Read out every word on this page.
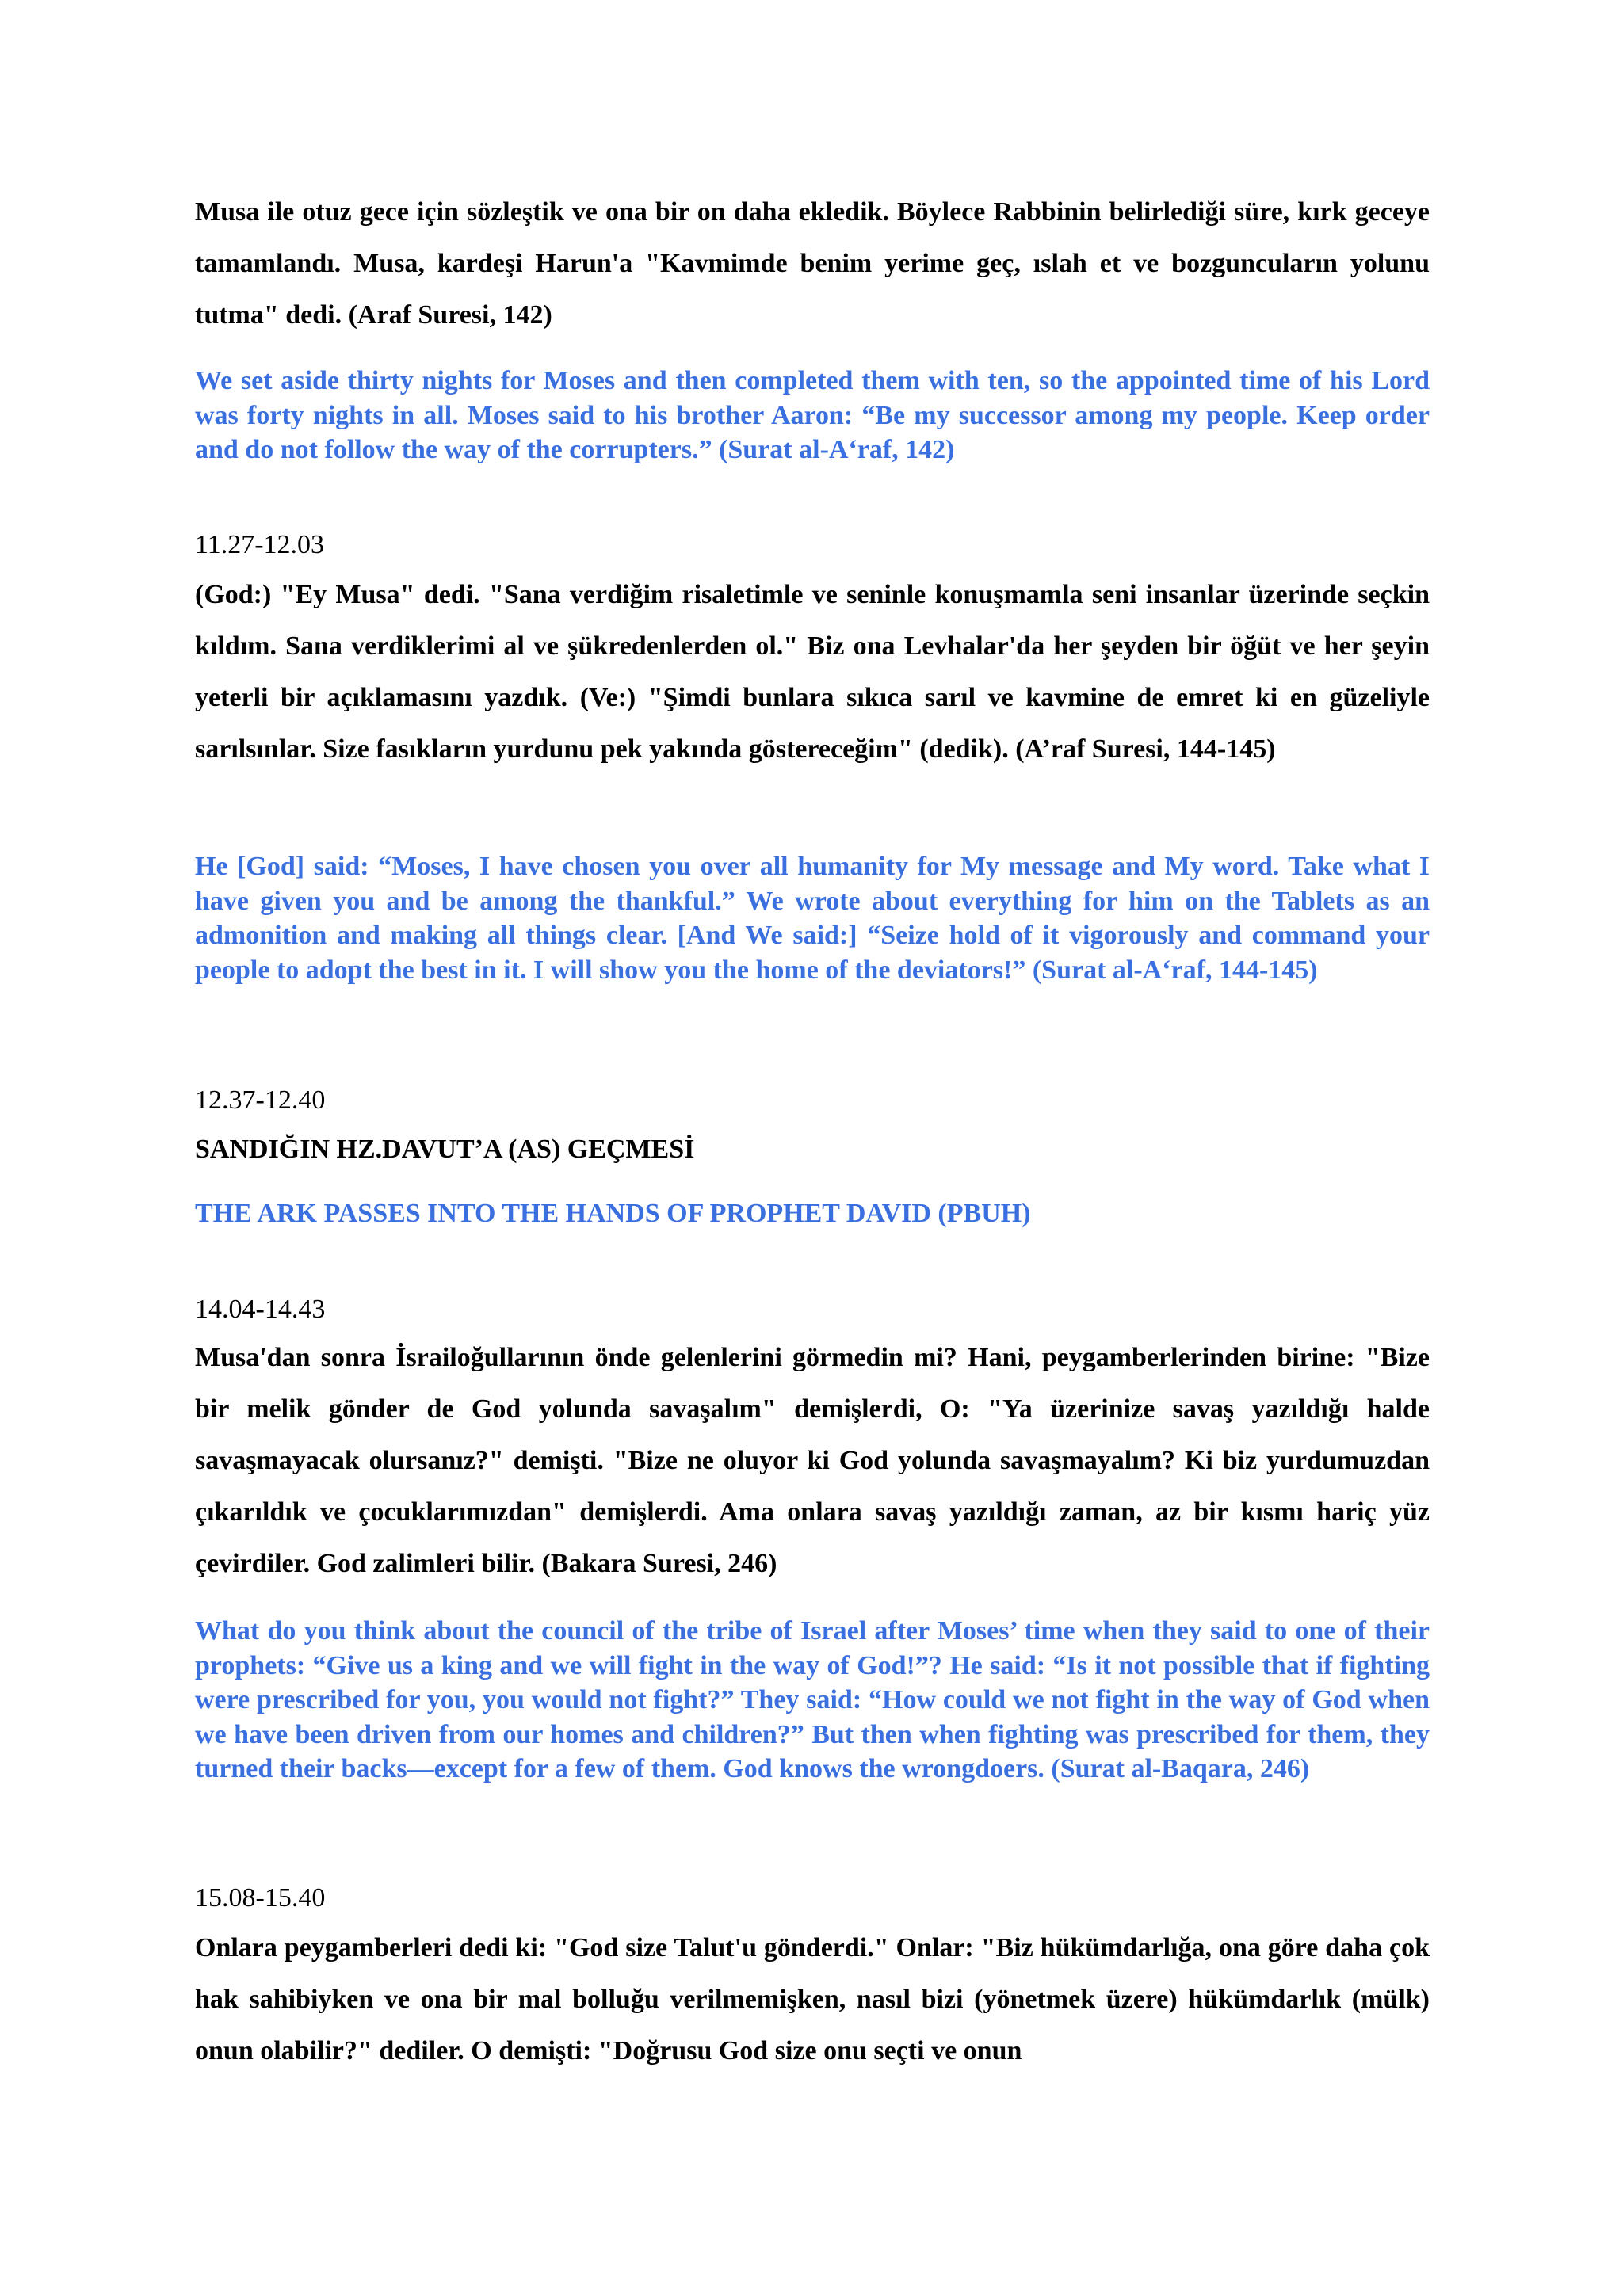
Musa ile otuz gece için sözleştik ve ona bir on daha ekledik. Böylece Rabbinin belirlediği süre, kırk geceye tamamlandı. Musa, kardeşi Harun'a "Kavmimde benim yerime geç, ıslah et ve bozguncuların yolunu tutma" dedi. (Araf Suresi, 142)

We set aside thirty nights for Moses and then completed them with ten, so the appointed time of his Lord was forty nights in all. Moses said to his brother Aaron: “Be my successor among my people. Keep order and do not follow the way of the corrupters.” (Surat al-A‘raf, 142)

11.27-12.03

(God:) "Ey Musa" dedi. "Sana verdiğim risaletimle ve seninle konuşmamla seni insanlar üzerinde seçkin kıldım. Sana verdiklerimi al ve şükredenlerden ol." Biz ona Levhalar'da her şeyden bir öğüt ve her şeyin yeterli bir açıklamasını yazdık. (Ve:) "Şimdi bunlara sıkıca sarıl ve kavmine de emret ki en güzeliyle sarılsınlar. Size fasıkların yurdunu pek yakında göstereceğim" (dedik). (A’raf Suresi, 144-145)

He [God] said: “Moses, I have chosen you over all humanity for My message and My word. Take what I have given you and be among the thankful.” We wrote about everything for him on the Tablets as an admonition and making all things clear. [And We said:] “Seize hold of it vigorously and command your people to adopt the best in it. I will show you the home of the deviators!” (Surat al-A‘raf, 144-145)

12.37-12.40
SANDIĞIN HZ.DAVUT’A (AS) GEÇMESİ
THE ARK PASSES INTO THE HANDS OF PROPHET DAVID (PBUH)
14.04-14.43

Musa'dan sonra İsrailoğullarının önde gelenlerini görmedin mi? Hani, peygamberlerinden birine: "Bize bir melik gönder de God yolunda savaşalım" demişlerdi, O: "Ya üzerinize savaş yazıldığı halde savaşmayacak olursanız?" demişti. "Bize ne oluyor ki God yolunda savaşmayalım? Ki biz yurdumuzdan çıkarıldık ve çocuklarımızdan" demişlerdi. Ama onlara savaş yazıldığı zaman, az bir kısmı hariç yüz çevirdiler. God zalimleri bilir. (Bakara Suresi, 246)

What do you think about the council of the tribe of Israel after Moses’ time when they said to one of their prophets: “Give us a king and we will fight in the way of God!”? He said: “Is it not possible that if fighting were prescribed for you, you would not fight?” They said: “How could we not fight in the way of God when we have been driven from our homes and children?” But then when fighting was prescribed for them, they turned their backs—except for a few of them. God knows the wrongdoers. (Surat al-Baqara, 246)

15.08-15.40

Onlara peygamberleri dedi ki: "God size Talut'u gönderdi." Onlar: "Biz hükümdarlığa, ona göre daha çok hak sahibiyken ve ona bir mal bolluğu verilmemişken, nasıl bizi (yönetmek üzere) hükümdarlık (mülk) onun olabilir?" dediler. O demişti: "Doğrusu God size onu seçti ve onun
